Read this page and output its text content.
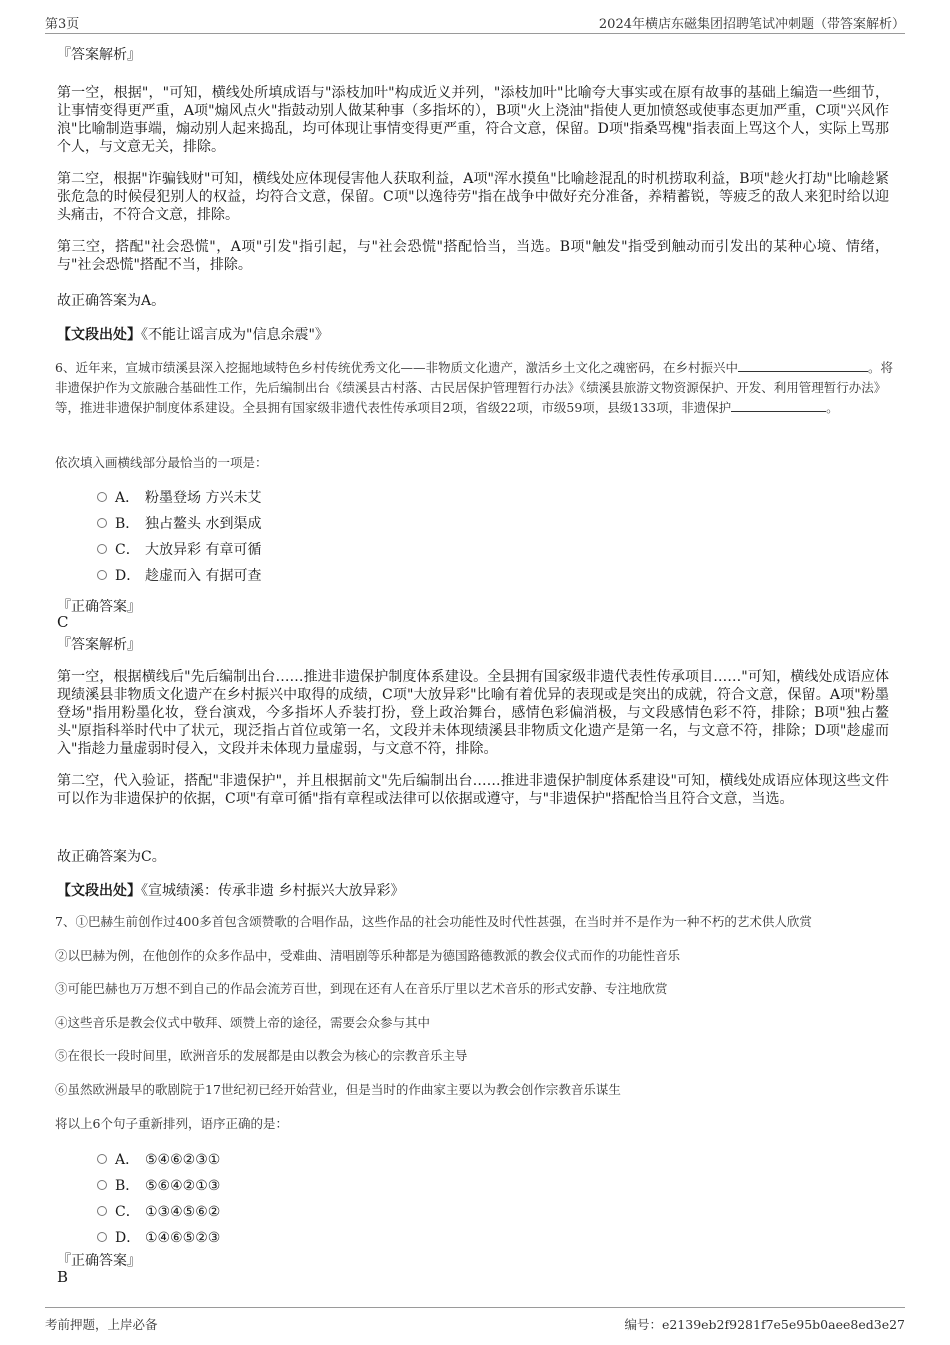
第3页	2024年横店东磁集团招聘笔试冲刺题（带答案解析）
『答案解析』

第一空，根据"，"可知，横线处所填成语与"添枝加叶"构成近义并列，"添枝加叶"比喻夸大事实或在原有故事的基础上编造一些细节，让事情变得更严重，A项"煽风点火"指鼓动别人做某种事（多指坏的），B项"火上浇油"指使人更加愤怒或使事态更加严重，C项"兴风作浪"比喻制造事端，煽动别人起来捣乱，均可体现让事情变得更严重，符合文意，保留。D项"指桑骂槐"指表面上骂这个人，实际上骂那个人，与文意无关，排除。

第二空，根据"诈骗钱财"可知，横线处应体现侵害他人获取利益，A项"浑水摸鱼"比喻趁混乱的时机捞取利益，B项"趁火打劫"比喻趁紧张危急的时候侵犯别人的权益，均符合文意，保留。C项"以逸待劳"指在战争中做好充分准备，养精蓄锐，等疲乏的敌人来犯时给以迎头痛击，不符合文意，排除。

第三空，搭配"社会恐慌"，A项"引发"指引起，与"社会恐慌"搭配恰当，当选。B项"触发"指受到触动而引发出的某种心境、情绪，与"社会恐慌"搭配不当，排除。

故正确答案为A。
【文段出处】《不能让谣言成为"信息余震"》
6、近年来，宣城市绩溪县深入挖掘地域特色乡村传统优秀文化——非物质文化遗产，激活乡土文化之魂密码，在乡村振兴中	。将非遗保护作为文旅融合基础性工作，先后编制出台《绩溪县古村落、古民居保护管理暂行办法》《绩溪县旅游文物资源保护、开发、利用管理暂行办法》等，推进非遗保护制度体系建设。全县拥有国家级非遗代表性传承项目2项，省级22项，市级59项，县级133项，非遗保护	。
依次填入画横线部分最恰当的一项是：
A． 粉墨登场 方兴未艾
B． 独占鳌头 水到渠成
C． 大放异彩 有章可循
D． 趁虚而入 有据可查
『正确答案』
C
『答案解析』

第一空，根据横线后"先后编制出台……推进非遗保护制度体系建设。全县拥有国家级非遗代表性传承项目……"可知，横线处成语应体现绩溪县非物质文化遗产在乡村振兴中取得的成绩，C项"大放异彩"比喻有着优异的表现或是突出的成就，符合文意，保留。A项"粉墨登场"指用粉墨化妆，登台演戏，今多指坏人乔装打扮，登上政治舞台，感情色彩偏消极，与文段感情色彩不符，排除；B项"独占鳌头"原指科举时代中了状元，现泛指占首位或第一名，文段并未体现绩溪县非物质文化遗产是第一名，与文意不符，排除；D项"趁虚而入"指趁力量虚弱时侵入，文段并未体现力量虚弱，与文意不符，排除。

第二空，代入验证，搭配"非遗保护"，并且根据前文"先后编制出台……推进非遗保护制度体系建设"可知，横线处成语应体现这些文件可以作为非遗保护的依据，C项"有章可循"指有章程或法律可以依据或遵守，与"非遗保护"搭配恰当且符合文意，当选。

故正确答案为C。
【文段出处】《宣城绩溪：传承非遗 乡村振兴大放异彩》
7、①巴赫生前创作过400多首包含颂赞歌的合唱作品，这些作品的社会功能性及时代性甚强，在当时并不是作为一种不朽的艺术供人欣赏
②以巴赫为例，在他创作的众多作品中，受难曲、清唱剧等乐种都是为德国路德教派的教会仪式而作的功能性音乐
③可能巴赫也万万想不到自己的作品会流芳百世，到现在还有人在音乐厅里以艺术音乐的形式安静、专注地欣赏
④这些音乐是教会仪式中敬拜、颂赞上帝的途径，需要会众参与其中
⑤在很长一段时间里，欧洲音乐的发展都是由以教会为核心的宗教音乐主导
⑥虽然欧洲最早的歌剧院于17世纪初已经开始营业，但是当时的作曲家主要以为教会创作宗教音乐谋生
将以上6个句子重新排列，语序正确的是：
A． ⑤④⑥②③①
B． ⑤⑥④②①③
C． ①③④⑤⑥②
D． ①④⑥⑤②③
『正确答案』
B
考前押题，上岸必备	编号：e2139eb2f9281f7e5e95b0aee8ed3e27
